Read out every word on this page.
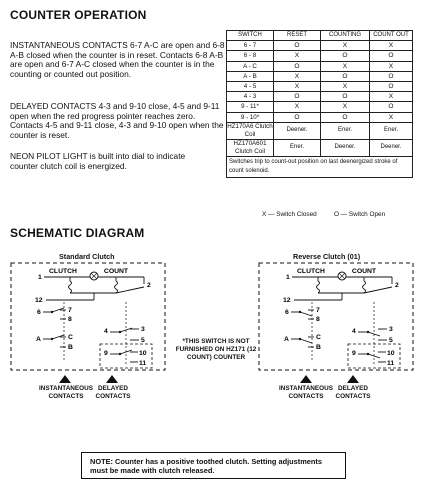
COUNTER OPERATION
INSTANTANEOUS CONTACTS 6-7 A-C are open and 6-8 A-B closed when the counter is in reset. Contacts 6-8 A-B are open and 6-7 A-C closed when the counter is in the counting or counted out position.
DELAYED CONTACTS 4-3 and 9-10 close, 4-5 and 9-11 open when the red progress pointer reaches zero. Contacts 4-5 and 9-11 close, 4-3 and 9-10 open when the counter is reset.
NEON PILOT LIGHT is built into dial to indicate counter clutch coil is energized.
SWITCH	RESET	COUNTING	COUNT OUT
6 - 7	O	X	X
6 - 8	X	O	O
A - C	O	X	X
A - B	X	O	O
4 - 5	X	X	O
4 - 3	O	O	X
9 - 11*	X	X	O
9 - 10*	O	O	X
HZ170A6 Clutch Coil	Deener.	Ener.	Ener.
HZ170A601 Clutch Coil	Ener.	Deener.	Deener.
Switches trip to count-out position on last deenergized stroke of count solenoid.			
X — Switch Closed	O — Switch Open
SCHEMATIC DIAGRAM
Standard Clutch	Reverse Clutch (01)
CLUTCH	COUNT
1
2
12
6	7
8
A	C
B
4	3
5
9	10
11
*THIS SWITCH IS NOT FURNISHED ON HZ171 (12 COUNT) COUNTER
CLUTCH	COUNT
1
2
12
6	7
8
A	C
B
4	3
5
9	10
11
INSTANTANEOUS CONTACTS
DELAYED CONTACTS
INSTANTANEOUS CONTACTS
DELAYED CONTACTS
NOTE: Counter has a positive toothed clutch. Setting adjustments must be made with clutch released.
